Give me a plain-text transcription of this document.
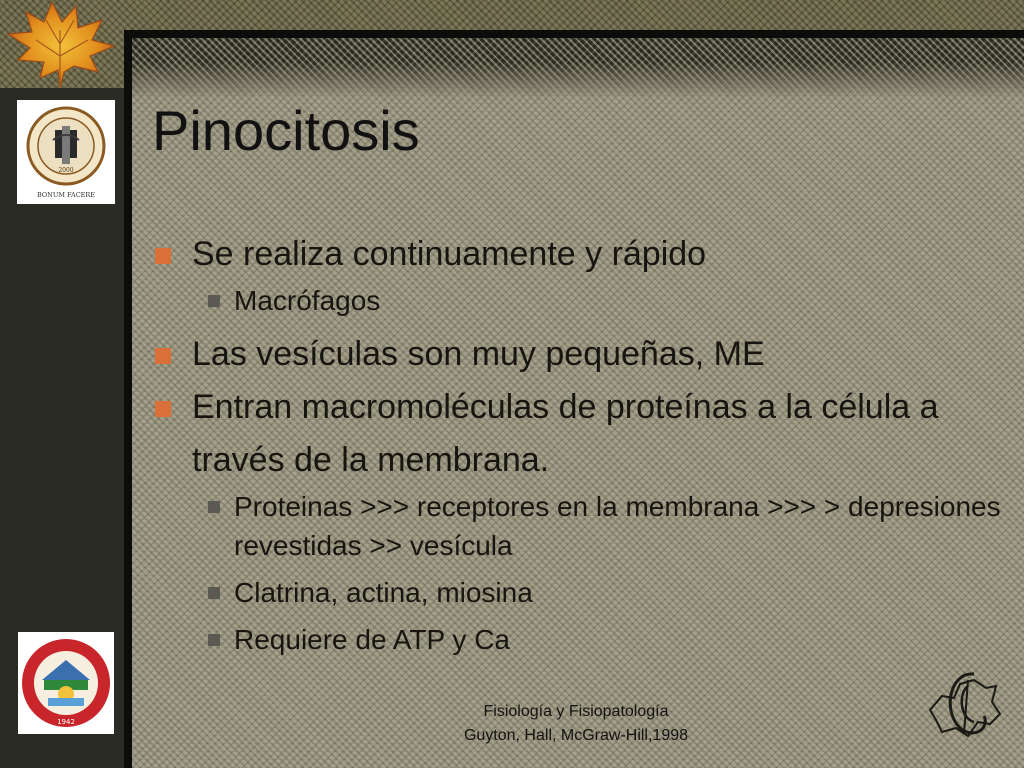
2000
BONUM FACERE
Pinocitosis
Se realiza continuamente y rápido
Macrófagos
Las vesículas son muy pequeñas, ME
Entran macromoléculas de proteínas a la célula a través de la membrana.
Proteinas >>> receptores en la membrana >>> > depresiones revestidas >> vesícula
Clatrina, actina, miosina
Requiere de ATP y Ca
1942
Fisiología y Fisiopatología
Guyton, Hall, McGraw-Hill,1998
